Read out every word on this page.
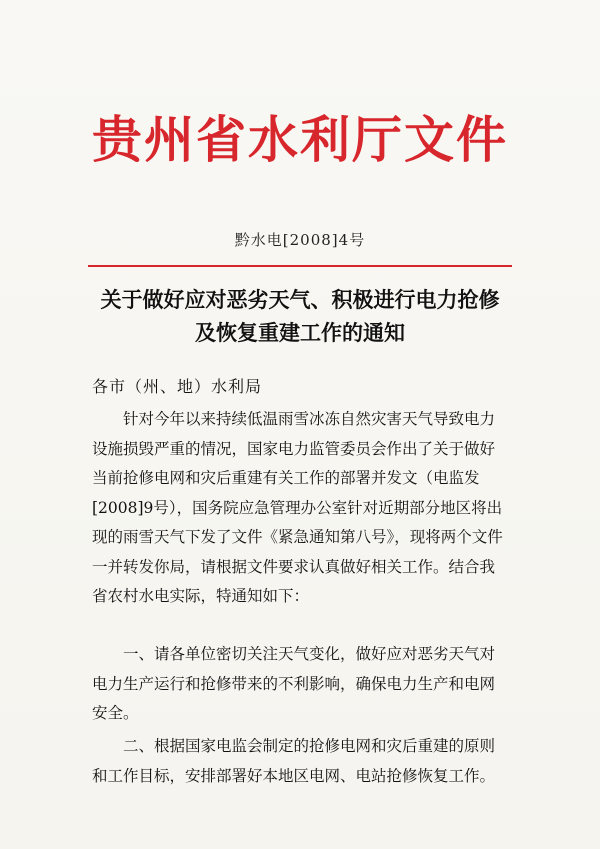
贵州省水利厅文件
黔水电[2008]4号
关于做好应对恶劣天气、积极进行电力抢修
及恢复重建工作的通知
各市（州、地）水利局
针对今年以来持续低温雨雪冰冻自然灾害天气导致电力
设施损毁严重的情况，国家电力监管委员会作出了关于做好
当前抢修电网和灾后重建有关工作的部署并发文（电监发
[2008]9号），国务院应急管理办公室针对近期部分地区将出
现的雨雪天气下发了文件《紧急通知第八号》，现将两个文件
一并转发你局，请根据文件要求认真做好相关工作。结合我
省农村水电实际，特通知如下：
一、请各单位密切关注天气变化，做好应对恶劣天气对
电力生产运行和抢修带来的不利影响，确保电力生产和电网
安全。
二、根据国家电监会制定的抢修电网和灾后重建的原则
和工作目标，安排部署好本地区电网、电站抢修恢复工作。
